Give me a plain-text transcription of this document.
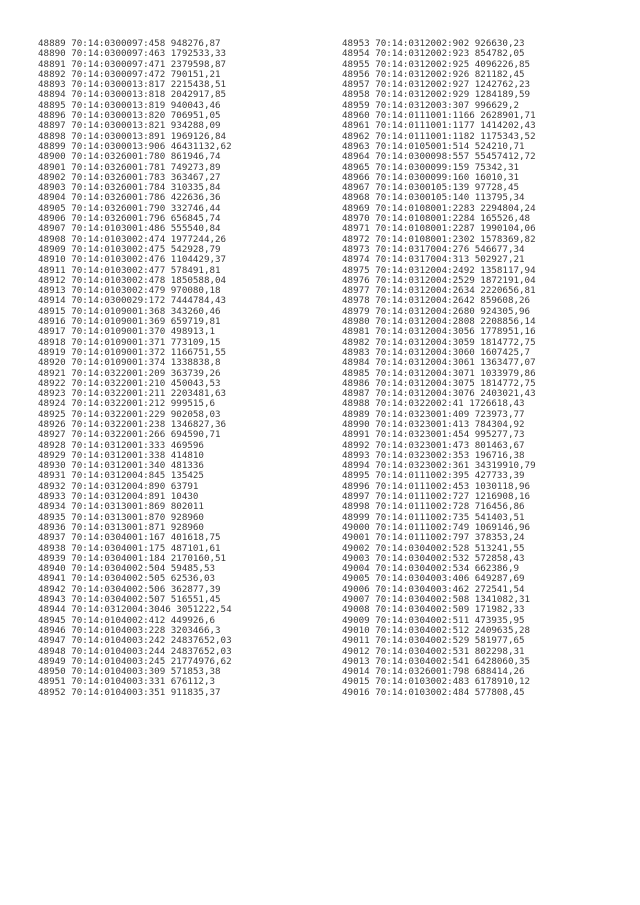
48889 70:14:0300097:458 948276,87
48890 70:14:0300097:463 1792533,33
48891 70:14:0300097:471 2379598,87
48892 70:14:0300097:472 790151,21
48893 70:14:0300013:817 2215438,51
48894 70:14:0300013:818 2042917,85
48895 70:14:0300013:819 940043,46
48896 70:14:0300013:820 706951,05
48897 70:14:0300013:821 934288,09
48898 70:14:0300013:891 1969126,84
48899 70:14:0300013:906 46431132,62
48900 70:14:0326001:780 861946,74
48901 70:14:0326001:781 749273,89
48902 70:14:0326001:783 363467,27
48903 70:14:0326001:784 310335,84
48904 70:14:0326001:786 422636,36
48905 70:14:0326001:790 332746,44
48906 70:14:0326001:796 656845,74
48907 70:14:0103001:486 555540,84
48908 70:14:0103002:474 1977244,26
48909 70:14:0103002:475 542928,79
48910 70:14:0103002:476 1104429,37
48911 70:14:0103002:477 578491,81
48912 70:14:0103002:478 1850588,04
48913 70:14:0103002:479 970080,18
48914 70:14:0300029:172 7444784,43
48915 70:14:0109001:368 343260,46
48916 70:14:0109001:369 659719,81
48917 70:14:0109001:370 498913,1
48918 70:14:0109001:371 773109,15
48919 70:14:0109001:372 1166751,55
48920 70:14:0109001:374 1338838,8
48921 70:14:0322001:209 363739,26
48922 70:14:0322001:210 450043,53
48923 70:14:0322001:211 2203481,63
48924 70:14:0322001:212 999515,6
48925 70:14:0322001:229 902058,03
48926 70:14:0322001:238 1346827,36
48927 70:14:0322001:266 694590,71
48928 70:14:0312001:333 469596
48929 70:14:0312001:338 414810
48930 70:14:0312001:340 481336
48931 70:14:0312004:845 135425
48932 70:14:0312004:890 63791
48933 70:14:0312004:891 10430
48934 70:14:0313001:869 802011
48935 70:14:0313001:870 928960
48936 70:14:0313001:871 928960
48937 70:14:0304001:167 401618,75
48938 70:14:0304001:175 487101,61
48939 70:14:0304001:184 2170160,51
48940 70:14:0304002:504 59485,53
48941 70:14:0304002:505 62536,03
48942 70:14:0304002:506 362877,39
48943 70:14:0304002:507 516551,45
48944 70:14:0312004:3046 3051222,54
48945 70:14:0104002:412 449926,6
48946 70:14:0104003:228 3203466,3
48947 70:14:0104003:242 24837652,03
48948 70:14:0104003:244 24837652,03
48949 70:14:0104003:245 21774976,62
48950 70:14:0104003:309 571853,38
48951 70:14:0104003:331 676112,3
48952 70:14:0104003:351 911835,37
48953 70:14:0312002:902 926630,23
48954 70:14:0312002:923 854782,05
48955 70:14:0312002:925 4096226,85
48956 70:14:0312002:926 821182,45
48957 70:14:0312002:927 1242762,23
48958 70:14:0312002:929 1284189,59
48959 70:14:0312003:307 996629,2
48960 70:14:0111001:1166 2628901,71
48961 70:14:0111001:1177 1414202,43
48962 70:14:0111001:1182 1175343,52
48963 70:14:0105001:514 524210,71
48964 70:14:0300098:557 55457412,72
48965 70:14:0300099:159 75342,31
48966 70:14:0300099:160 16010,31
48967 70:14:0300105:139 97728,45
48968 70:14:0300105:140 113795,34
48969 70:14:0108001:2283 2294804,24
48970 70:14:0108001:2284 165526,48
48971 70:14:0108001:2287 1990104,06
48972 70:14:0108001:2302 1578369,82
48973 70:14:0317004:276 546677,34
48974 70:14:0317004:313 502927,21
48975 70:14:0312004:2492 1358117,94
48976 70:14:0312004:2529 1872191,04
48977 70:14:0312004:2634 2220656,81
48978 70:14:0312004:2642 859608,26
48979 70:14:0312004:2680 924305,96
48980 70:14:0312004:2808 2208856,14
48981 70:14:0312004:3056 1778951,16
48982 70:14:0312004:3059 1814772,75
48983 70:14:0312004:3060 1607425,7
48984 70:14:0312004:3061 1363477,07
48985 70:14:0312004:3071 1033979,86
48986 70:14:0312004:3075 1814772,75
48987 70:14:0312004:3076 2403021,43
48988 70:14:0322002:41 1726618,43
48989 70:14:0323001:409 723973,77
48990 70:14:0323001:413 784304,92
48991 70:14:0323001:454 995277,73
48992 70:14:0323001:473 801463,67
48993 70:14:0323002:353 196716,38
48994 70:14:0323002:361 34319910,79
48995 70:14:0111002:395 427733,39
48996 70:14:0111002:453 1030118,96
48997 70:14:0111002:727 1216908,16
48998 70:14:0111002:728 716456,86
48999 70:14:0111002:735 541403,51
49000 70:14:0111002:749 1069146,96
49001 70:14:0111002:797 378353,24
49002 70:14:0304002:528 513241,55
49003 70:14:0304002:532 572858,43
49004 70:14:0304002:534 662386,9
49005 70:14:0304003:406 649287,69
49006 70:14:0304003:462 272541,54
49007 70:14:0304002:508 1341082,31
49008 70:14:0304002:509 171982,33
49009 70:14:0304002:511 473935,95
49010 70:14:0304002:512 2409635,28
49011 70:14:0304002:529 581977,65
49012 70:14:0304002:531 802298,31
49013 70:14:0304002:541 6428060,35
49014 70:14:0326001:798 688414,26
49015 70:14:0103002:483 6178910,12
49016 70:14:0103002:484 577808,45
